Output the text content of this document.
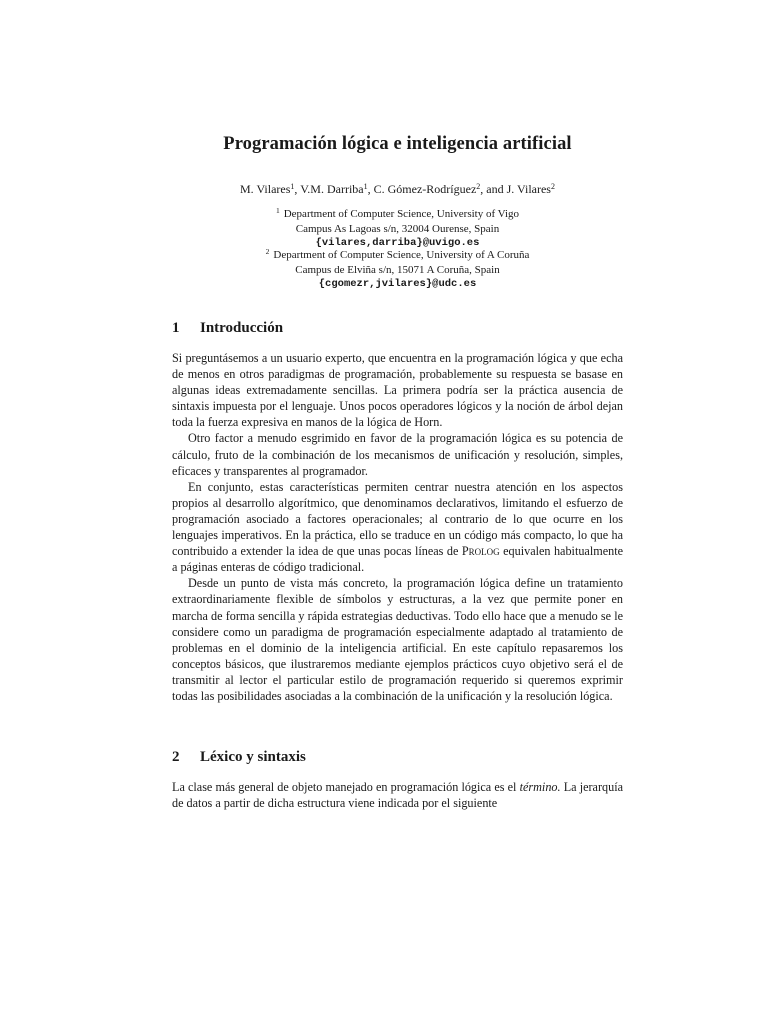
Programación lógica e inteligencia artificial
M. Vilares$^1$, V.M. Darriba$^1$, C. Gómez-Rodríguez$^2$, and J. Vilares$^2$
$^1$ Department of Computer Science, University of Vigo
Campus As Lagoas s/n, 32004 Ourense, Spain
{vilares,darriba}@uvigo.es
$^2$ Department of Computer Science, University of A Coruña
Campus de Elviña s/n, 15071 A Coruña, Spain
{cgomezr,jvilares}@udc.es
1 Introducción

Si preguntásemos a un usuario experto, que encuentra en la programación lógica y que echa de menos en otros paradigmas de programación, probablemente su respuesta se basase en algunas ideas extremadamente sencillas. La primera podría ser la práctica ausencia de sintaxis impuesta por el lenguaje. Unos pocos operadores lógicos y la noción de árbol dejan toda la fuerza expresiva en manos de la lógica de Horn.

Otro factor a menudo esgrimido en favor de la programación lógica es su potencia de cálculo, fruto de la combinación de los mecanismos de unificación y resolución, simples, eficaces y transparentes al programador.

En conjunto, estas características permiten centrar nuestra atención en los aspectos propios al desarrollo algorítmico, que denominamos declarativos, limitando el esfuerzo de programación asociado a factores operacionales; al contrario de lo que ocurre en los lenguajes imperativos. En la práctica, ello se traduce en un código más compacto, lo que ha contribuido a extender la idea de que unas pocas líneas de Prolog equivalen habitualmente a páginas enteras de código tradicional.

Desde un punto de vista más concreto, la programación lógica define un tratamiento extraordinariamente flexible de símbolos y estructuras, a la vez que permite poner en marcha de forma sencilla y rápida estrategias deductivas. Todo ello hace que a menudo se le considere como un paradigma de programación especialmente adaptado al tratamiento de problemas en el dominio de la inteligencia artificial. En este capítulo repasaremos los conceptos básicos, que ilustraremos mediante ejemplos prácticos cuyo objetivo será el de transmitir al lector el particular estilo de programación requerido si queremos exprimir todas las posibilidades asociadas a la combinación de la unificación y la resolución lógica.

2 Léxico y sintaxis

La clase más general de objeto manejado en programación lógica es el término. La jerarquía de datos a partir de dicha estructura viene indicada por el siguiente
